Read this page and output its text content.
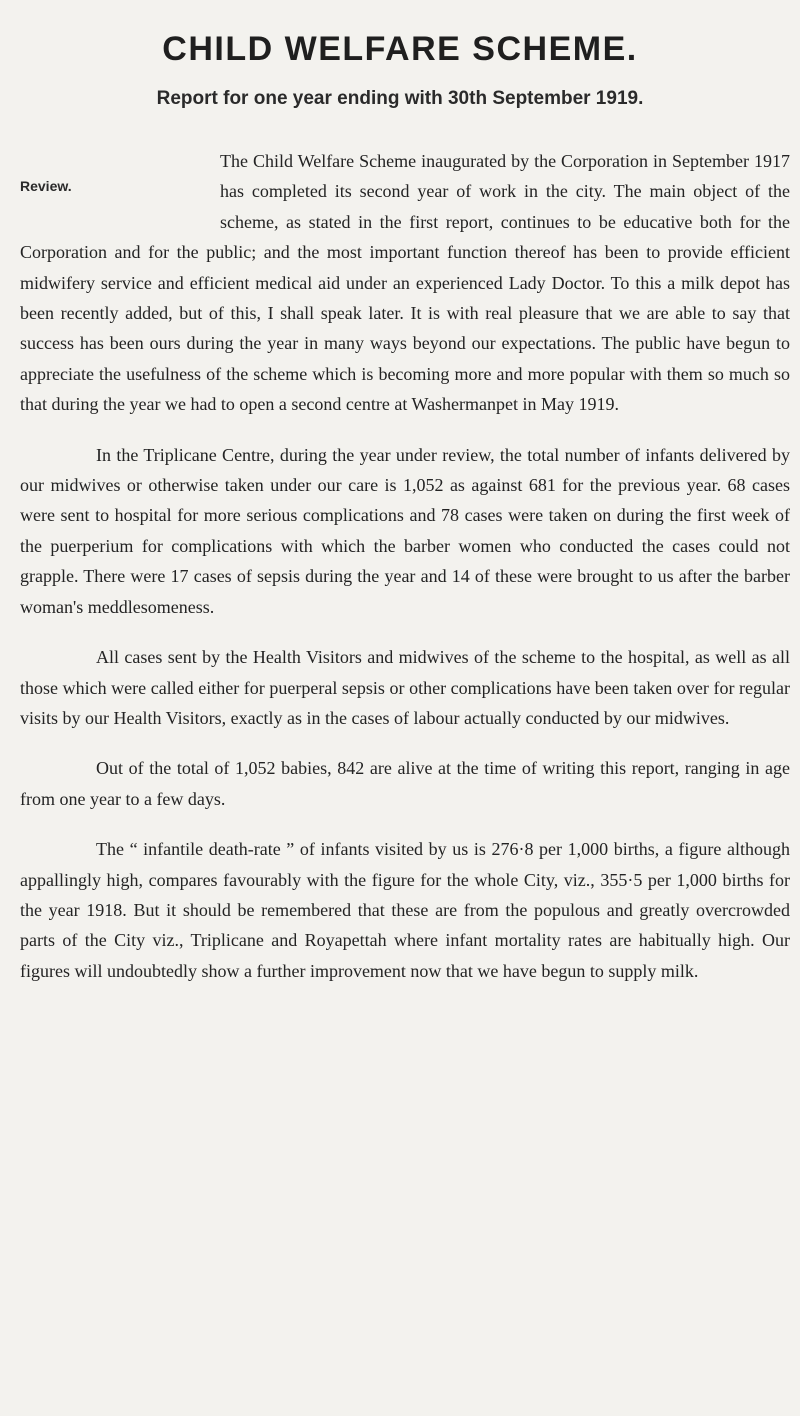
CHILD WELFARE SCHEME.
Report for one year ending with 30th September 1919.
Review.

The Child Welfare Scheme inaugurated by the Corporation in September 1917 has completed its second year of work in the city. The main object of the scheme, as stated in the first report, continues to be educative both for the Corporation and for the public; and the most important function thereof has been to provide efficient midwifery service and efficient medical aid under an experienced Lady Doctor. To this a milk depot has been recently added, but of this, I shall speak later. It is with real pleasure that we are able to say that success has been ours during the year in many ways beyond our expectations. The public have begun to appreciate the usefulness of the scheme which is becoming more and more popular with them so much so that during the year we had to open a second centre at Washermanpet in May 1919.

In the Triplicane Centre, during the year under review, the total number of infants delivered by our midwives or otherwise taken under our care is 1,052 as against 681 for the previous year. 68 cases were sent to hospital for more serious complications and 78 cases were taken on during the first week of the puerperium for complications with which the barber women who conducted the cases could not grapple. There were 17 cases of sepsis during the year and 14 of these were brought to us after the barber woman's meddlesomeness.

All cases sent by the Health Visitors and midwives of the scheme to the hospital, as well as all those which were called either for puerperal sepsis or other complications have been taken over for regular visits by our Health Visitors, exactly as in the cases of labour actually conducted by our midwives.

Out of the total of 1,052 babies, 842 are alive at the time of writing this report, ranging in age from one year to a few days.

The “ infantile death-rate ” of infants visited by us is 276·8 per 1,000 births, a figure although appallingly high, compares favourably with the figure for the whole City, viz., 355·5 per 1,000 births for the year 1918. But it should be remembered that these are from the populous and greatly overcrowded parts of the City viz., Triplicane and Royapettah where infant mortality rates are habitually high. Our figures will undoubtedly show a further improvement now that we have begun to supply milk.
